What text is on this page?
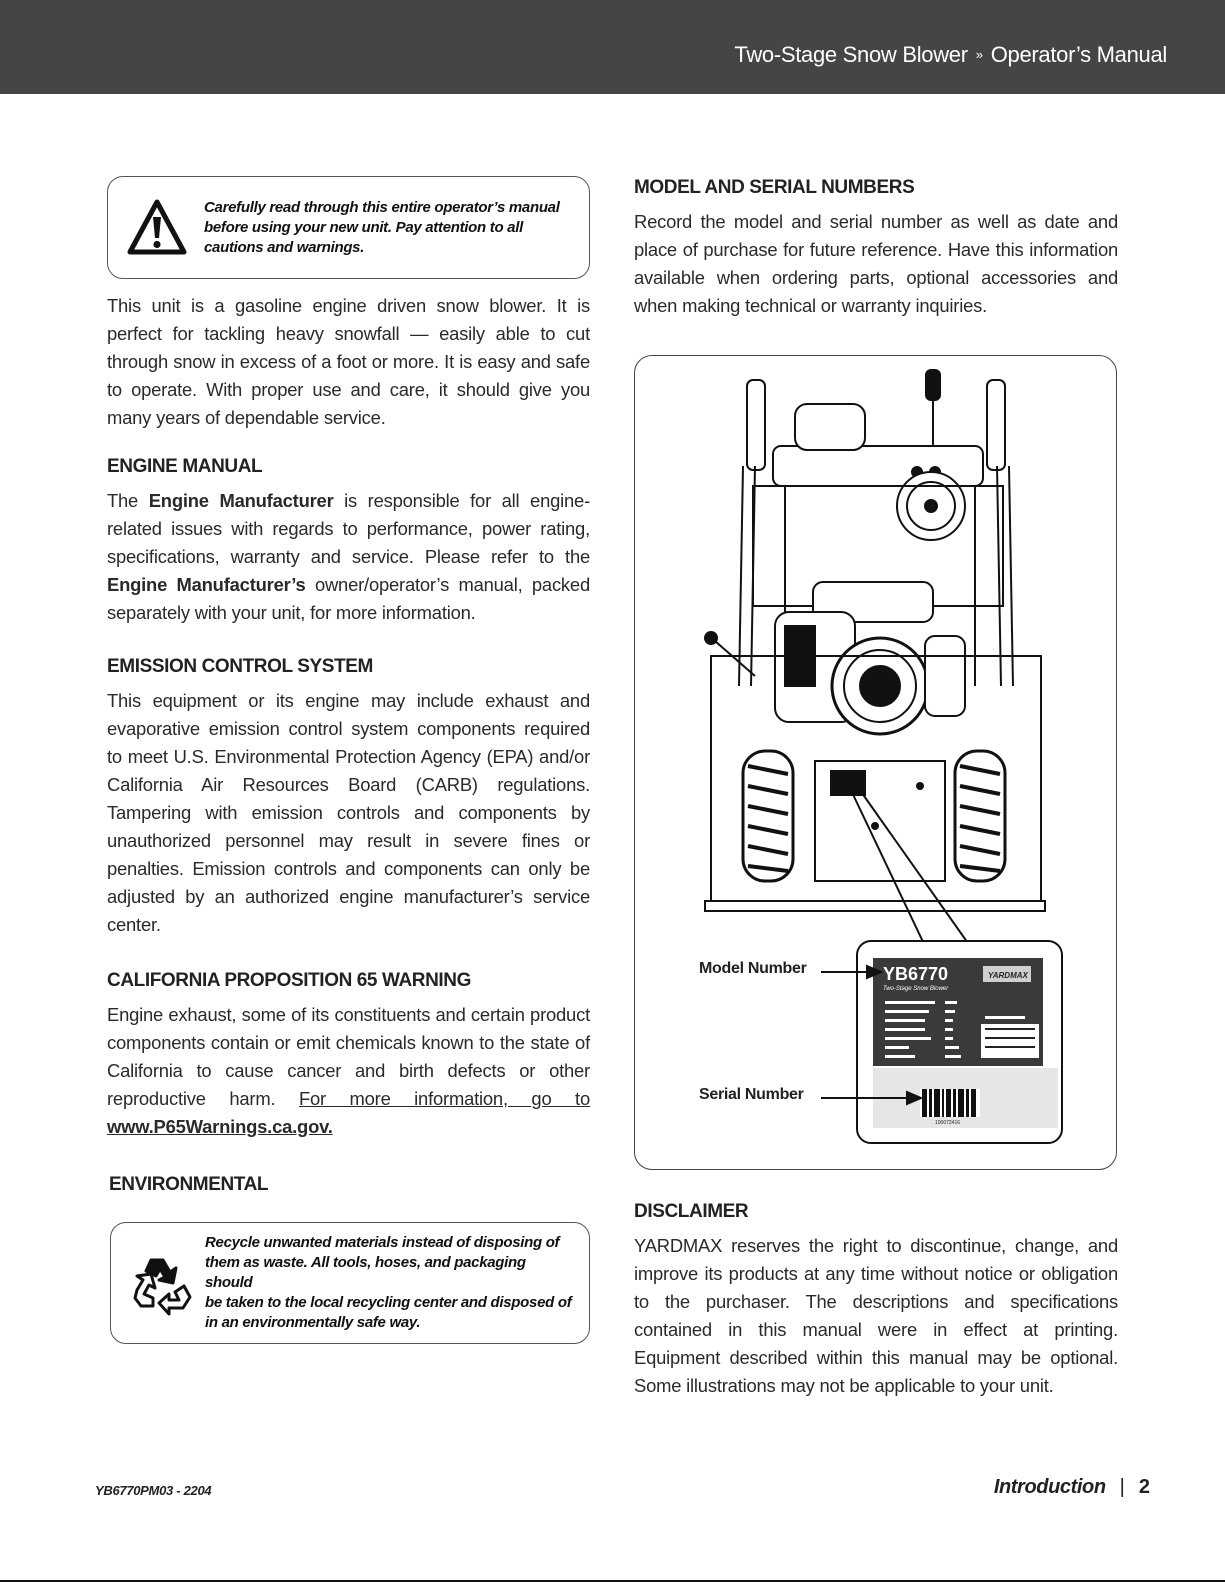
Two-Stage Snow Blower » Operator’s Manual
Carefully read through this entire operator’s manual
before using your new unit. Pay attention to all
cautions and warnings.

This unit is a gasoline engine driven snow blower. It is perfect for tackling heavy snowfall — easily able to cut through snow in excess of a foot or more. It is easy and safe to operate. With proper use and care, it should give you many years of dependable service.

ENGINE MANUAL

The Engine Manufacturer is responsible for all engine-related issues with regards to performance, power rating, specifications, warranty and service. Please refer to the Engine Manufacturer’s owner/operator’s manual, packed separately with your unit, for more information.

EMISSION CONTROL SYSTEM

This equipment or its engine may include exhaust and evaporative emission control system components required to meet U.S. Environmental Protection Agency (EPA) and/or California Air Resources Board (CARB) regulations. Tampering with emission controls and components by unauthorized personnel may result in severe fines or penalties. Emission controls and components can only be adjusted by an authorized engine manufacturer’s service center.

CALIFORNIA PROPOSITION 65 WARNING

Engine exhaust, some of its constituents and certain product components contain or emit chemicals known to the state of California to cause cancer and birth defects or other reproductive harm. For more information, go to www.P65Warnings.ca.gov.

ENVIRONMENTAL
Recycle unwanted materials instead of disposing of
them as waste. All tools, hoses, and packaging should
be taken to the local recycling center and disposed of
in an environmentally safe way.
MODEL AND SERIAL NUMBERS

Record the model and serial number as well as date and place of purchase for future reference. Have this information available when ordering parts, optional accessories and when making technical or warranty inquiries.

YB6770
Two-Stage Snow Blower
YARDMAX
100072416
Model Number
Serial Number
DISCLAIMER

YARDMAX reserves the right to discontinue, change, and improve its products at any time without notice or obligation to the purchaser. The descriptions and specifications contained in this manual were in effect at printing. Equipment described within this manual may be optional. Some illustrations may not be applicable to your unit.

YB6770PM03 - 2204	Introduction | 2
